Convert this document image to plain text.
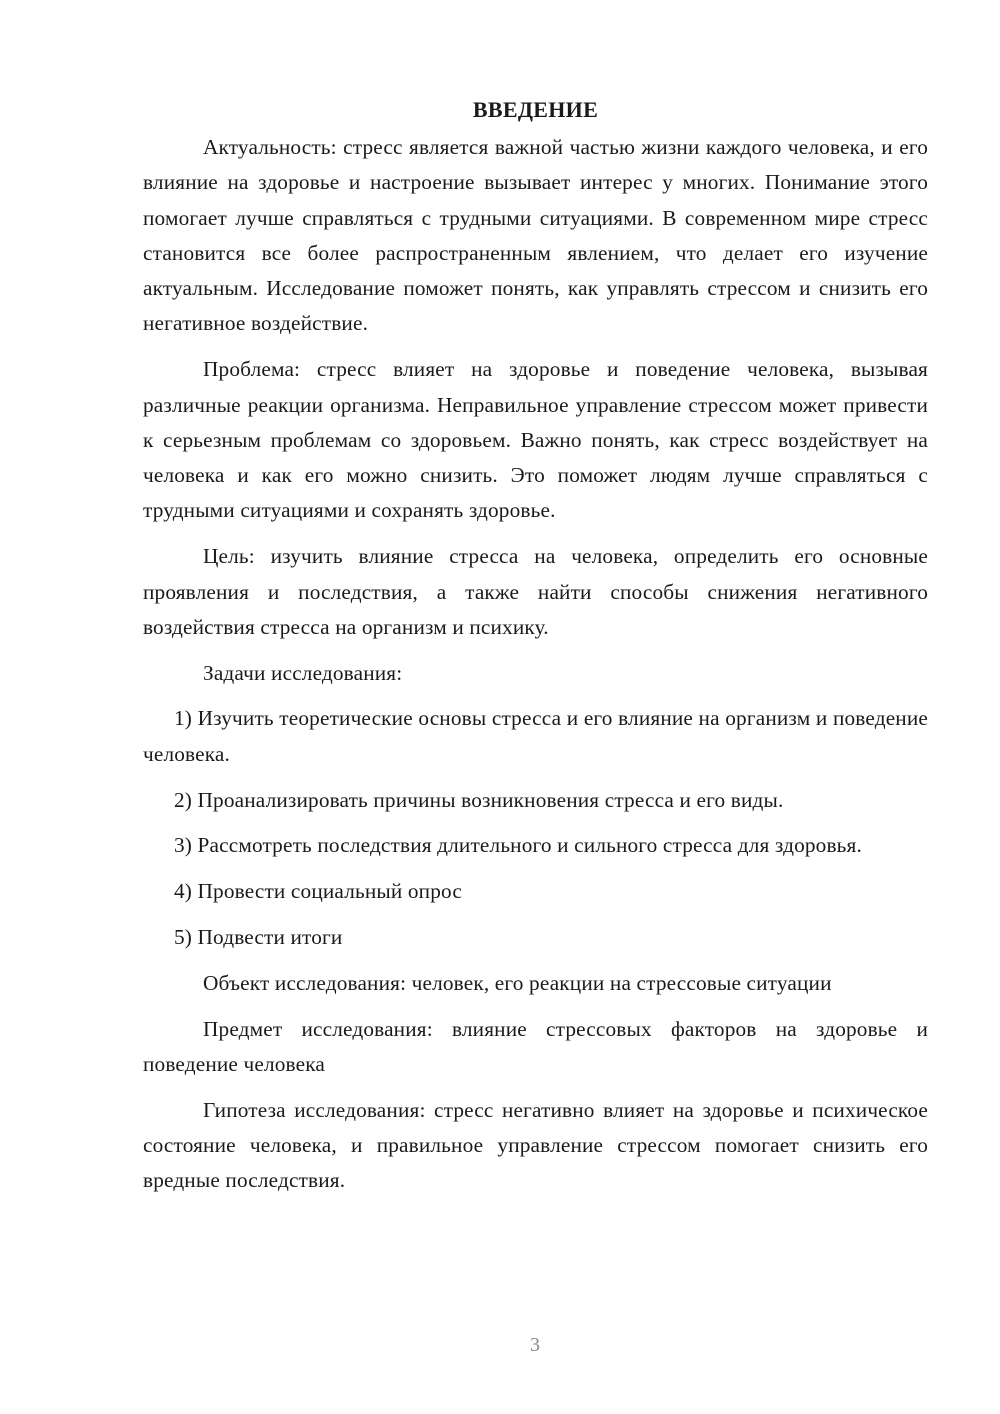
ВВЕДЕНИЕ

Актуальность: стресс является важной частью жизни каждого человека, и его влияние на здоровье и настроение вызывает интерес у многих. Понимание этого помогает лучше справляться с трудными ситуациями. В современном мире стресс становится все более распространенным явлением, что делает его изучение актуальным. Исследование поможет понять, как управлять стрессом и снизить его негативное воздействие.

Проблема: стресс влияет на здоровье и поведение человека, вызывая различные реакции организма. Неправильное управление стрессом может привести к серьезным проблемам со здоровьем. Важно понять, как стресс воздействует на человека и как его можно снизить. Это поможет людям лучше справляться с трудными ситуациями и сохранять здоровье.

Цель: изучить влияние стресса на человека, определить его основные проявления и последствия, а также найти способы снижения негативного воздействия стресса на организм и психику.

Задачи исследования:

1) Изучить теоретические основы стресса и его влияние на организм и поведение человека.

2) Проанализировать причины возникновения стресса и его виды.

3) Рассмотреть последствия длительного и сильного стресса для здоровья.

4) Провести социальный опрос

5) Подвести итоги

Объект исследования: человек, его реакции на стрессовые ситуации

Предмет исследования: влияние стрессовых факторов на здоровье и поведение человека

Гипотеза исследования: стресс негативно влияет на здоровье и психическое состояние человека, и правильное управление стрессом помогает снизить его вредные последствия.

3
